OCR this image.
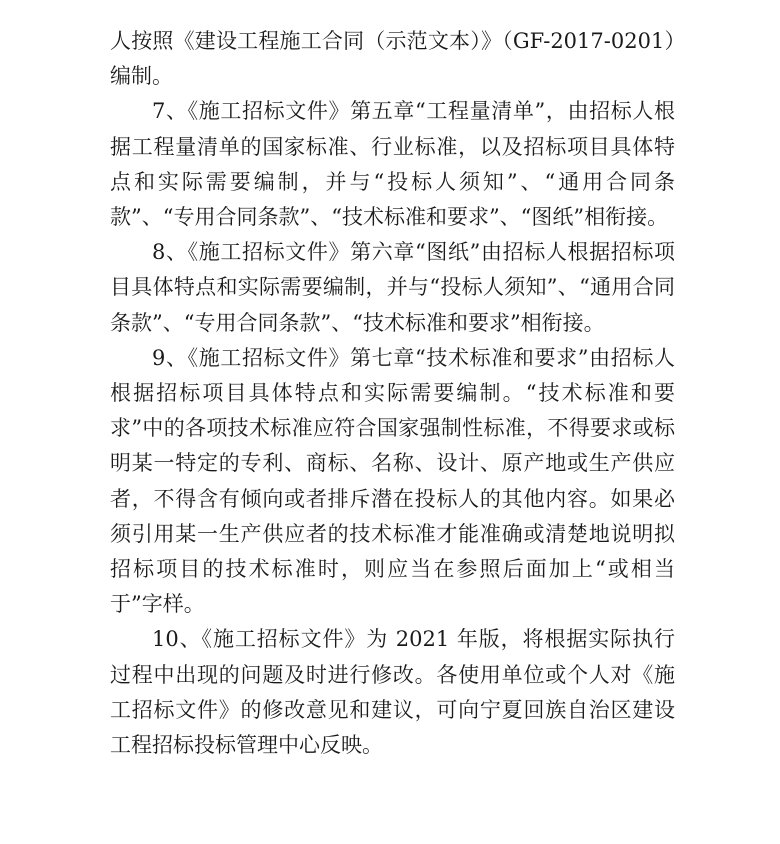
人按照《建设工程施工合同（示范文本）》（GF-2017-0201）编制。

7、《施工招标文件》第五章“工程量清单”，由招标人根据工程量清单的国家标准、行业标准，以及招标项目具体特点和实际需要编制，并与“投标人须知”、“通用合同条款”、“专用合同条款”、“技术标准和要求”、“图纸”相衔接。

8、《施工招标文件》第六章“图纸”由招标人根据招标项目具体特点和实际需要编制，并与“投标人须知”、“通用合同条款”、“专用合同条款”、“技术标准和要求”相衔接。

9、《施工招标文件》第七章“技术标准和要求”由招标人根据招标项目具体特点和实际需要编制。“技术标准和要求”中的各项技术标准应符合国家强制性标准，不得要求或标明某一特定的专利、商标、名称、设计、原产地或生产供应者，不得含有倾向或者排斥潜在投标人的其他内容。如果必须引用某一生产供应者的技术标准才能准确或清楚地说明拟招标项目的技术标准时，则应当在参照后面加上“或相当于”字样。

10、《施工招标文件》为 2021 年版，将根据实际执行过程中出现的问题及时进行修改。各使用单位或个人对《施工招标文件》的修改意见和建议，可向宁夏回族自治区建设工程招标投标管理中心反映。
